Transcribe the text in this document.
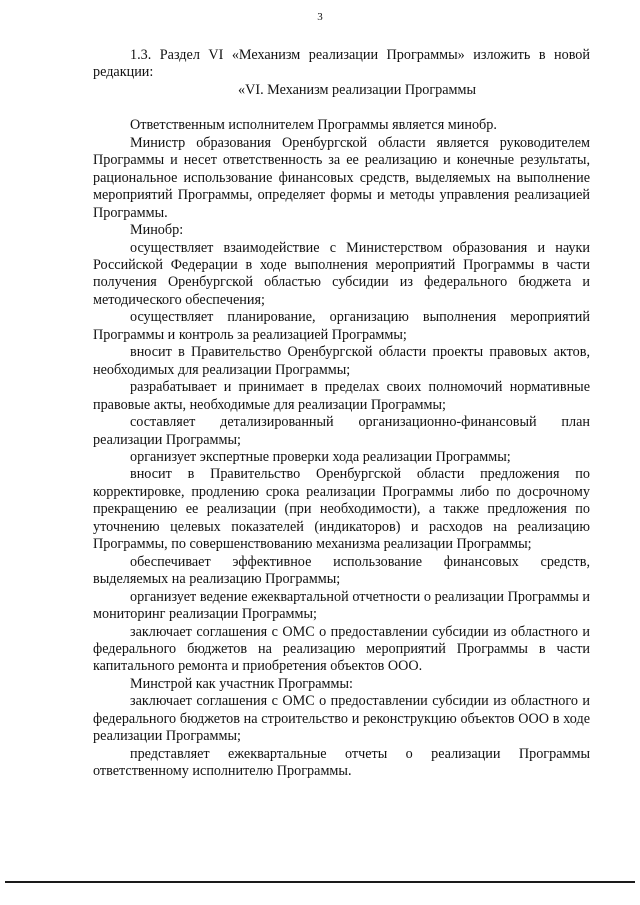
3

1.3. Раздел VI «Механизм реализации Программы» изложить в новой редакции:

«VI. Механизм реализации Программы

Ответственным исполнителем Программы является минобр.

Министр образования Оренбургской области является руководителем Программы и несет ответственность за ее реализацию и конечные результаты, рациональное использование финансовых средств, выделяемых на выполнение мероприятий Программы, определяет формы и методы управления реализацией Программы.

Минобр:

осуществляет взаимодействие с Министерством образования и науки Российской Федерации в ходе выполнения мероприятий Программы в части получения Оренбургской областью субсидии из федерального бюджета и методического обеспечения;

осуществляет планирование, организацию выполнения мероприятий Программы и контроль за реализацией Программы;

вносит в Правительство Оренбургской области проекты правовых актов, необходимых для реализации Программы;

разрабатывает и принимает в пределах своих полномочий нормативные правовые акты, необходимые для реализации Программы;

составляет детализированный организационно-финансовый план реализации Программы;

организует экспертные проверки хода реализации Программы;

вносит в Правительство Оренбургской области предложения по корректировке, продлению срока реализации Программы либо по досрочному прекращению ее реализации (при необходимости), а также предложения по уточнению целевых показателей (индикаторов) и расходов на реализацию Программы, по совершенствованию механизма реализации Программы;

обеспечивает эффективное использование финансовых средств, выделяемых на реализацию Программы;

организует ведение ежеквартальной отчетности о реализации Программы и мониторинг реализации Программы;

заключает соглашения с ОМС о предоставлении субсидии из областного и федерального бюджетов на реализацию мероприятий Программы в части капитального ремонта и приобретения объектов ООО.

Минстрой как участник Программы:

заключает соглашения с ОМС о предоставлении субсидии из областного и федерального бюджетов на строительство и реконструкцию объектов ООО в ходе реализации Программы;

представляет ежеквартальные отчеты о реализации Программы ответственному исполнителю Программы.
